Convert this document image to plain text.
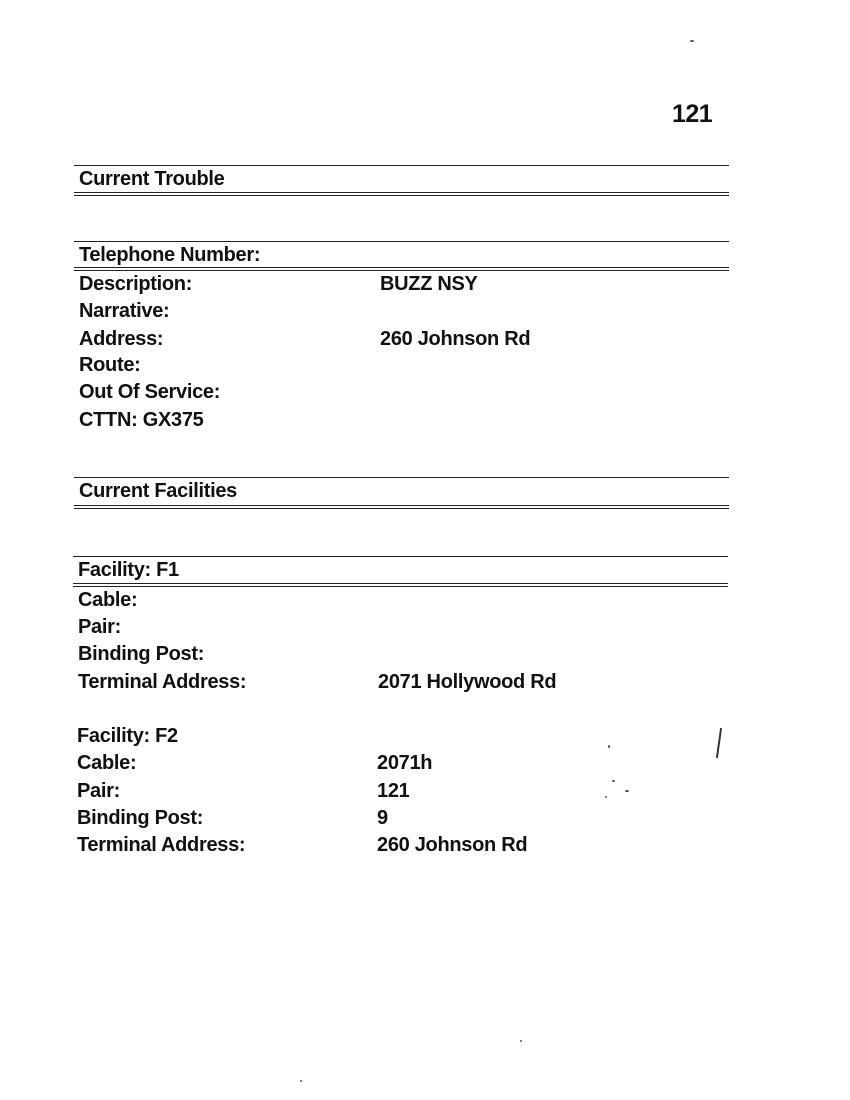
121
Current Trouble
Telephone Number:
Description:	BUZZ NSY
Narrative:
Address:	260 Johnson Rd
Route:
Out Of Service:
CTTN: GX375
Current Facilities
Facility: F1
Cable:
Pair:
Binding Post:
Terminal Address:	2071 Hollywood Rd
Facility: F2
Cable:	2071h
Pair:	121
Binding Post:	9
Terminal Address:	260 Johnson Rd
